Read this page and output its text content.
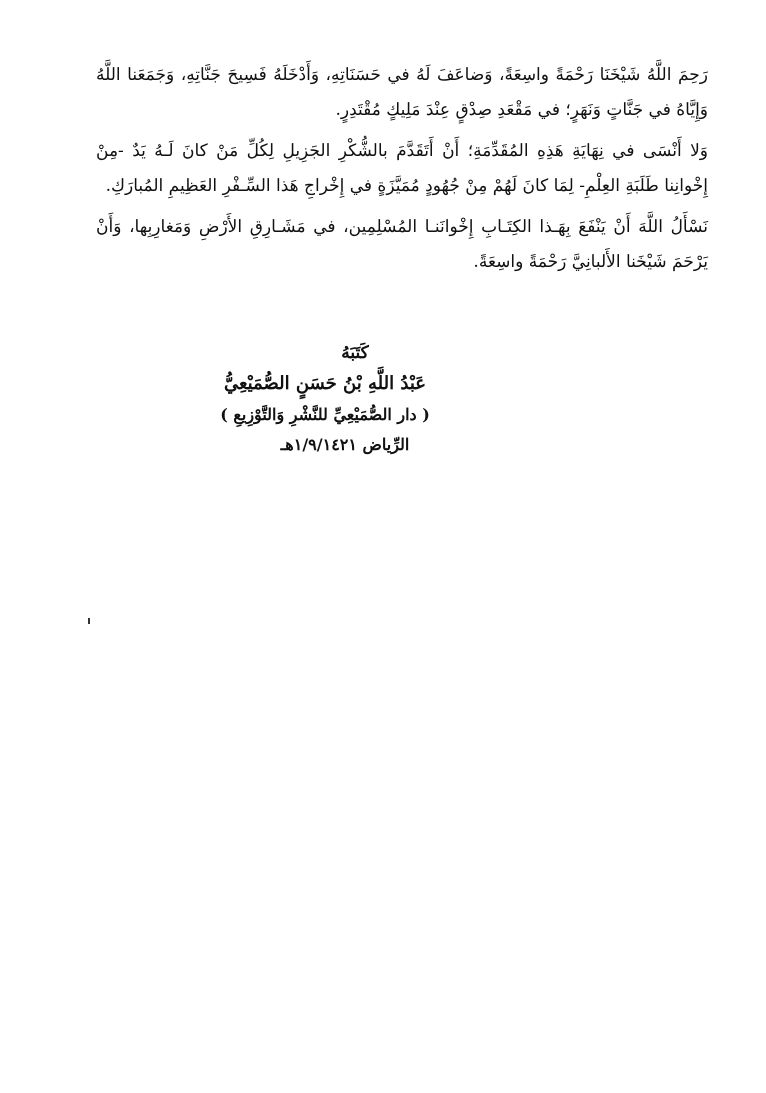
رَحِمَ اللَّهُ شَيْخَنَا رَحْمَةً واسِعَةً، وَضاعَفَ لَهُ في حَسَنَاتِهِ، وَأَدْخَلَهُ فَسِيحَ جَنَّاتِهِ، وَجَمَعَنا اللَّهُ وَإِيَّاهُ في جَنَّاتٍ وَنَهَرٍ؛ في مَقْعَدِ صِدْقٍ عِنْدَ مَلِيكٍ مُقْتَدِرٍ.

وَلا أَنْسَى في نِهَايَةِ هَذِهِ المُقَدِّمَةِ؛ أَنْ أَتَقَدَّمَ بالشُّكْرِ الجَزِيلِ لِكُلِّ مَنْ كانَ لَـهُ يَدٌ -مِنْ إِخْوانِنا طَلَبَةِ العِلْمِ- لِمَا كانَ لَهُمْ مِنْ جُهُودٍ مُمَيَّزَةٍ في إِخْراجِ هَذا السِّـفْرِ العَظِيمِ المُبارَكِ.

نَسْأَلُ اللَّهَ أَنْ يَنْفَعَ بِهَـذا الكِتَـابِ إِخْوانَنـا المُسْلِمِين، في مَشَـارِقِ الأَرْضِ وَمَغارِبِها، وَأَنْ يَرْحَمَ شَيْخَنا الأَلبانِيَّ رَحْمَةً واسِعَةً.

كَتَبَهُ
عَبْدُ اللَّهِ بْنُ حَسَنٍ الصُّمَيْعِيُّ
( دار الصُّمَيْعِيِّ للنَّشْرِ وَالتَّوْزِيعِ )
الرِّياض ١/٩/١٤٢١هـ
